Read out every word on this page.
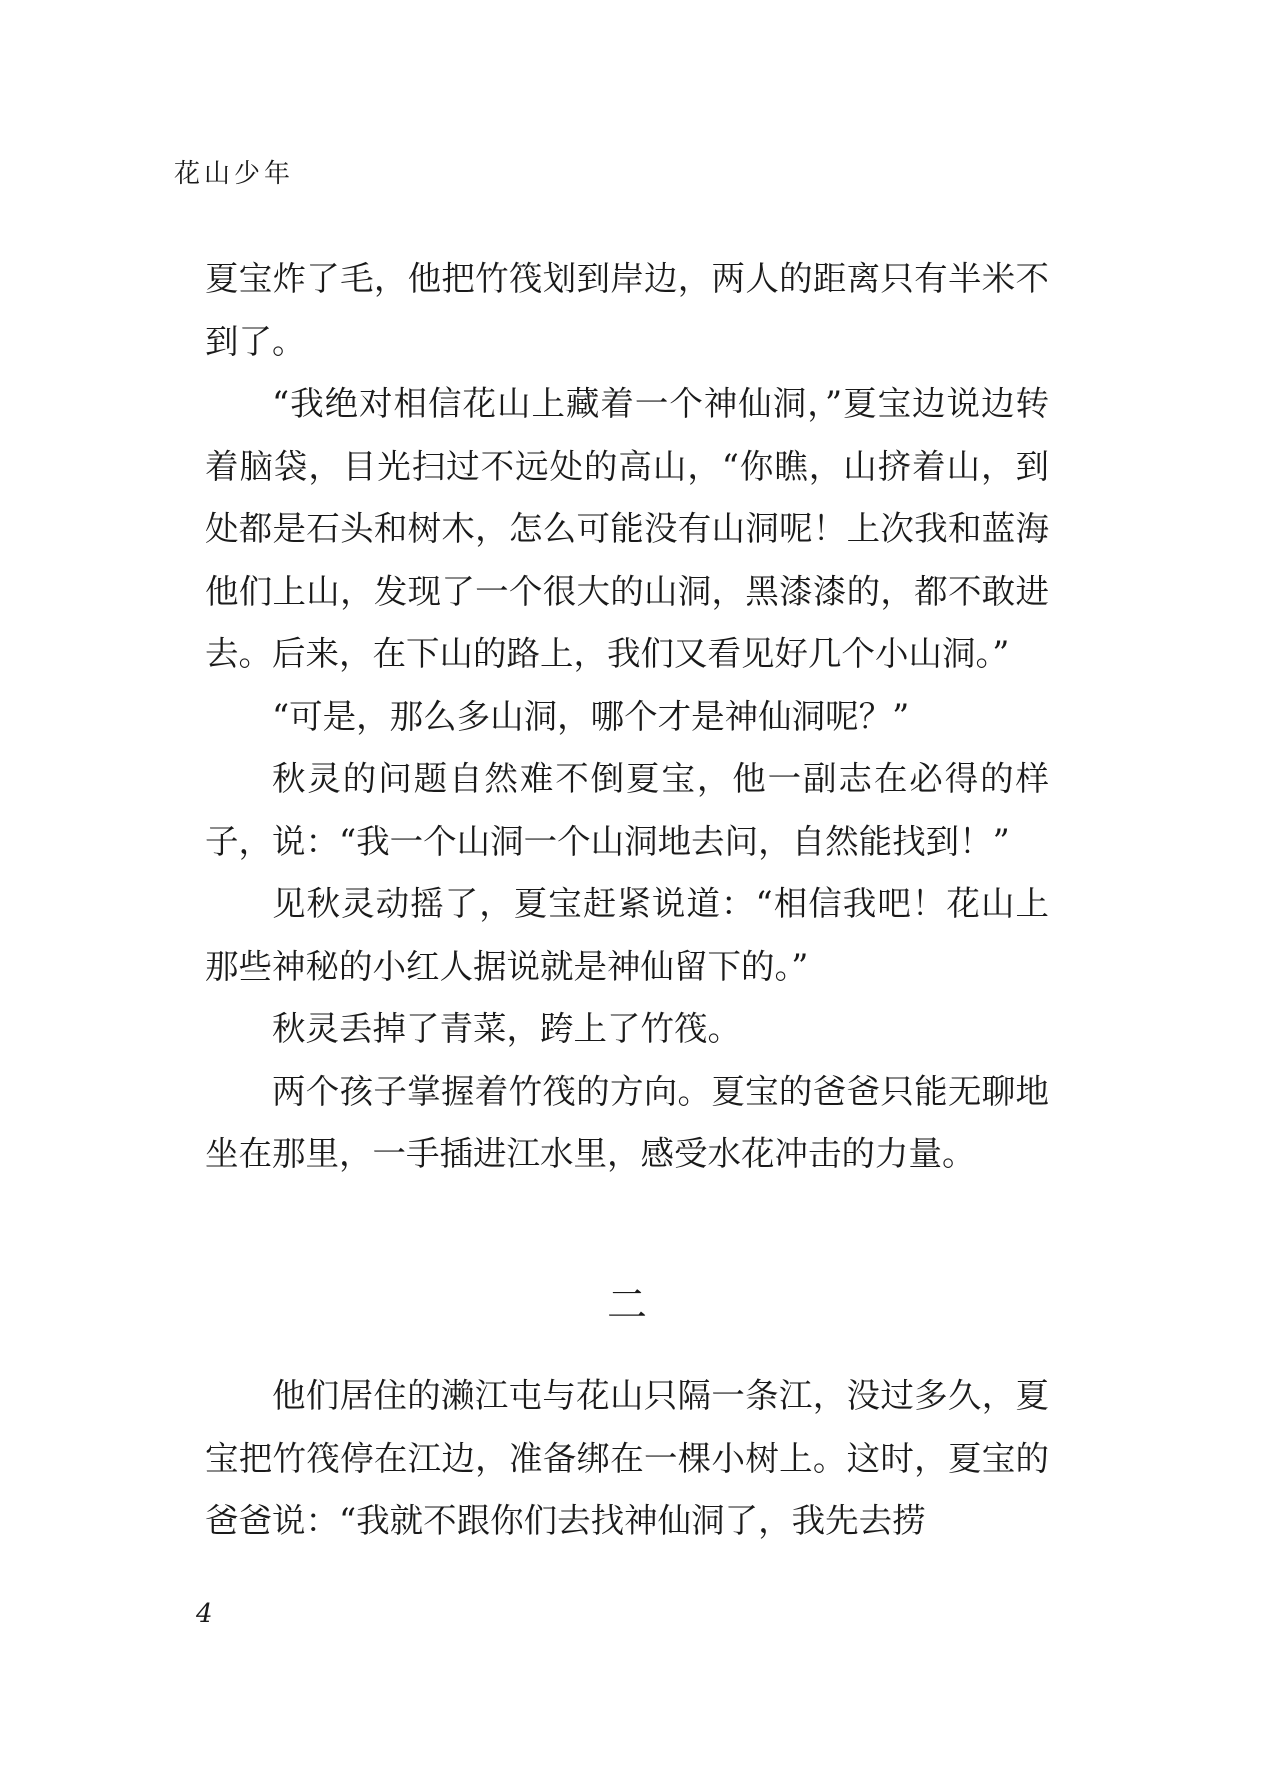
花山少年

夏宝炸了毛，他把竹筏划到岸边，两人的距离只有半米不到了。

“我绝对相信花山上藏着一个神仙洞，”夏宝边说边转着脑袋，目光扫过不远处的高山，“你瞧，山挤着山，到处都是石头和树木，怎么可能没有山洞呢！上次我和蓝海他们上山，发现了一个很大的山洞，黑漆漆的，都不敢进去。后来，在下山的路上，我们又看见好几个小山洞。”

“可是，那么多山洞，哪个才是神仙洞呢？”

秋灵的问题自然难不倒夏宝，他一副志在必得的样子，说：“我一个山洞一个山洞地去问，自然能找到！”

见秋灵动摇了，夏宝赶紧说道：“相信我吧！花山上那些神秘的小红人据说就是神仙留下的。”

秋灵丢掉了青菜，跨上了竹筏。

两个孩子掌握着竹筏的方向。夏宝的爸爸只能无聊地坐在那里，一手插进江水里，感受水花冲击的力量。

二

他们居住的濑江屯与花山只隔一条江，没过多久，夏宝把竹筏停在江边，准备绑在一棵小树上。这时，夏宝的爸爸说：“我就不跟你们去找神仙洞了，我先去捞

4
